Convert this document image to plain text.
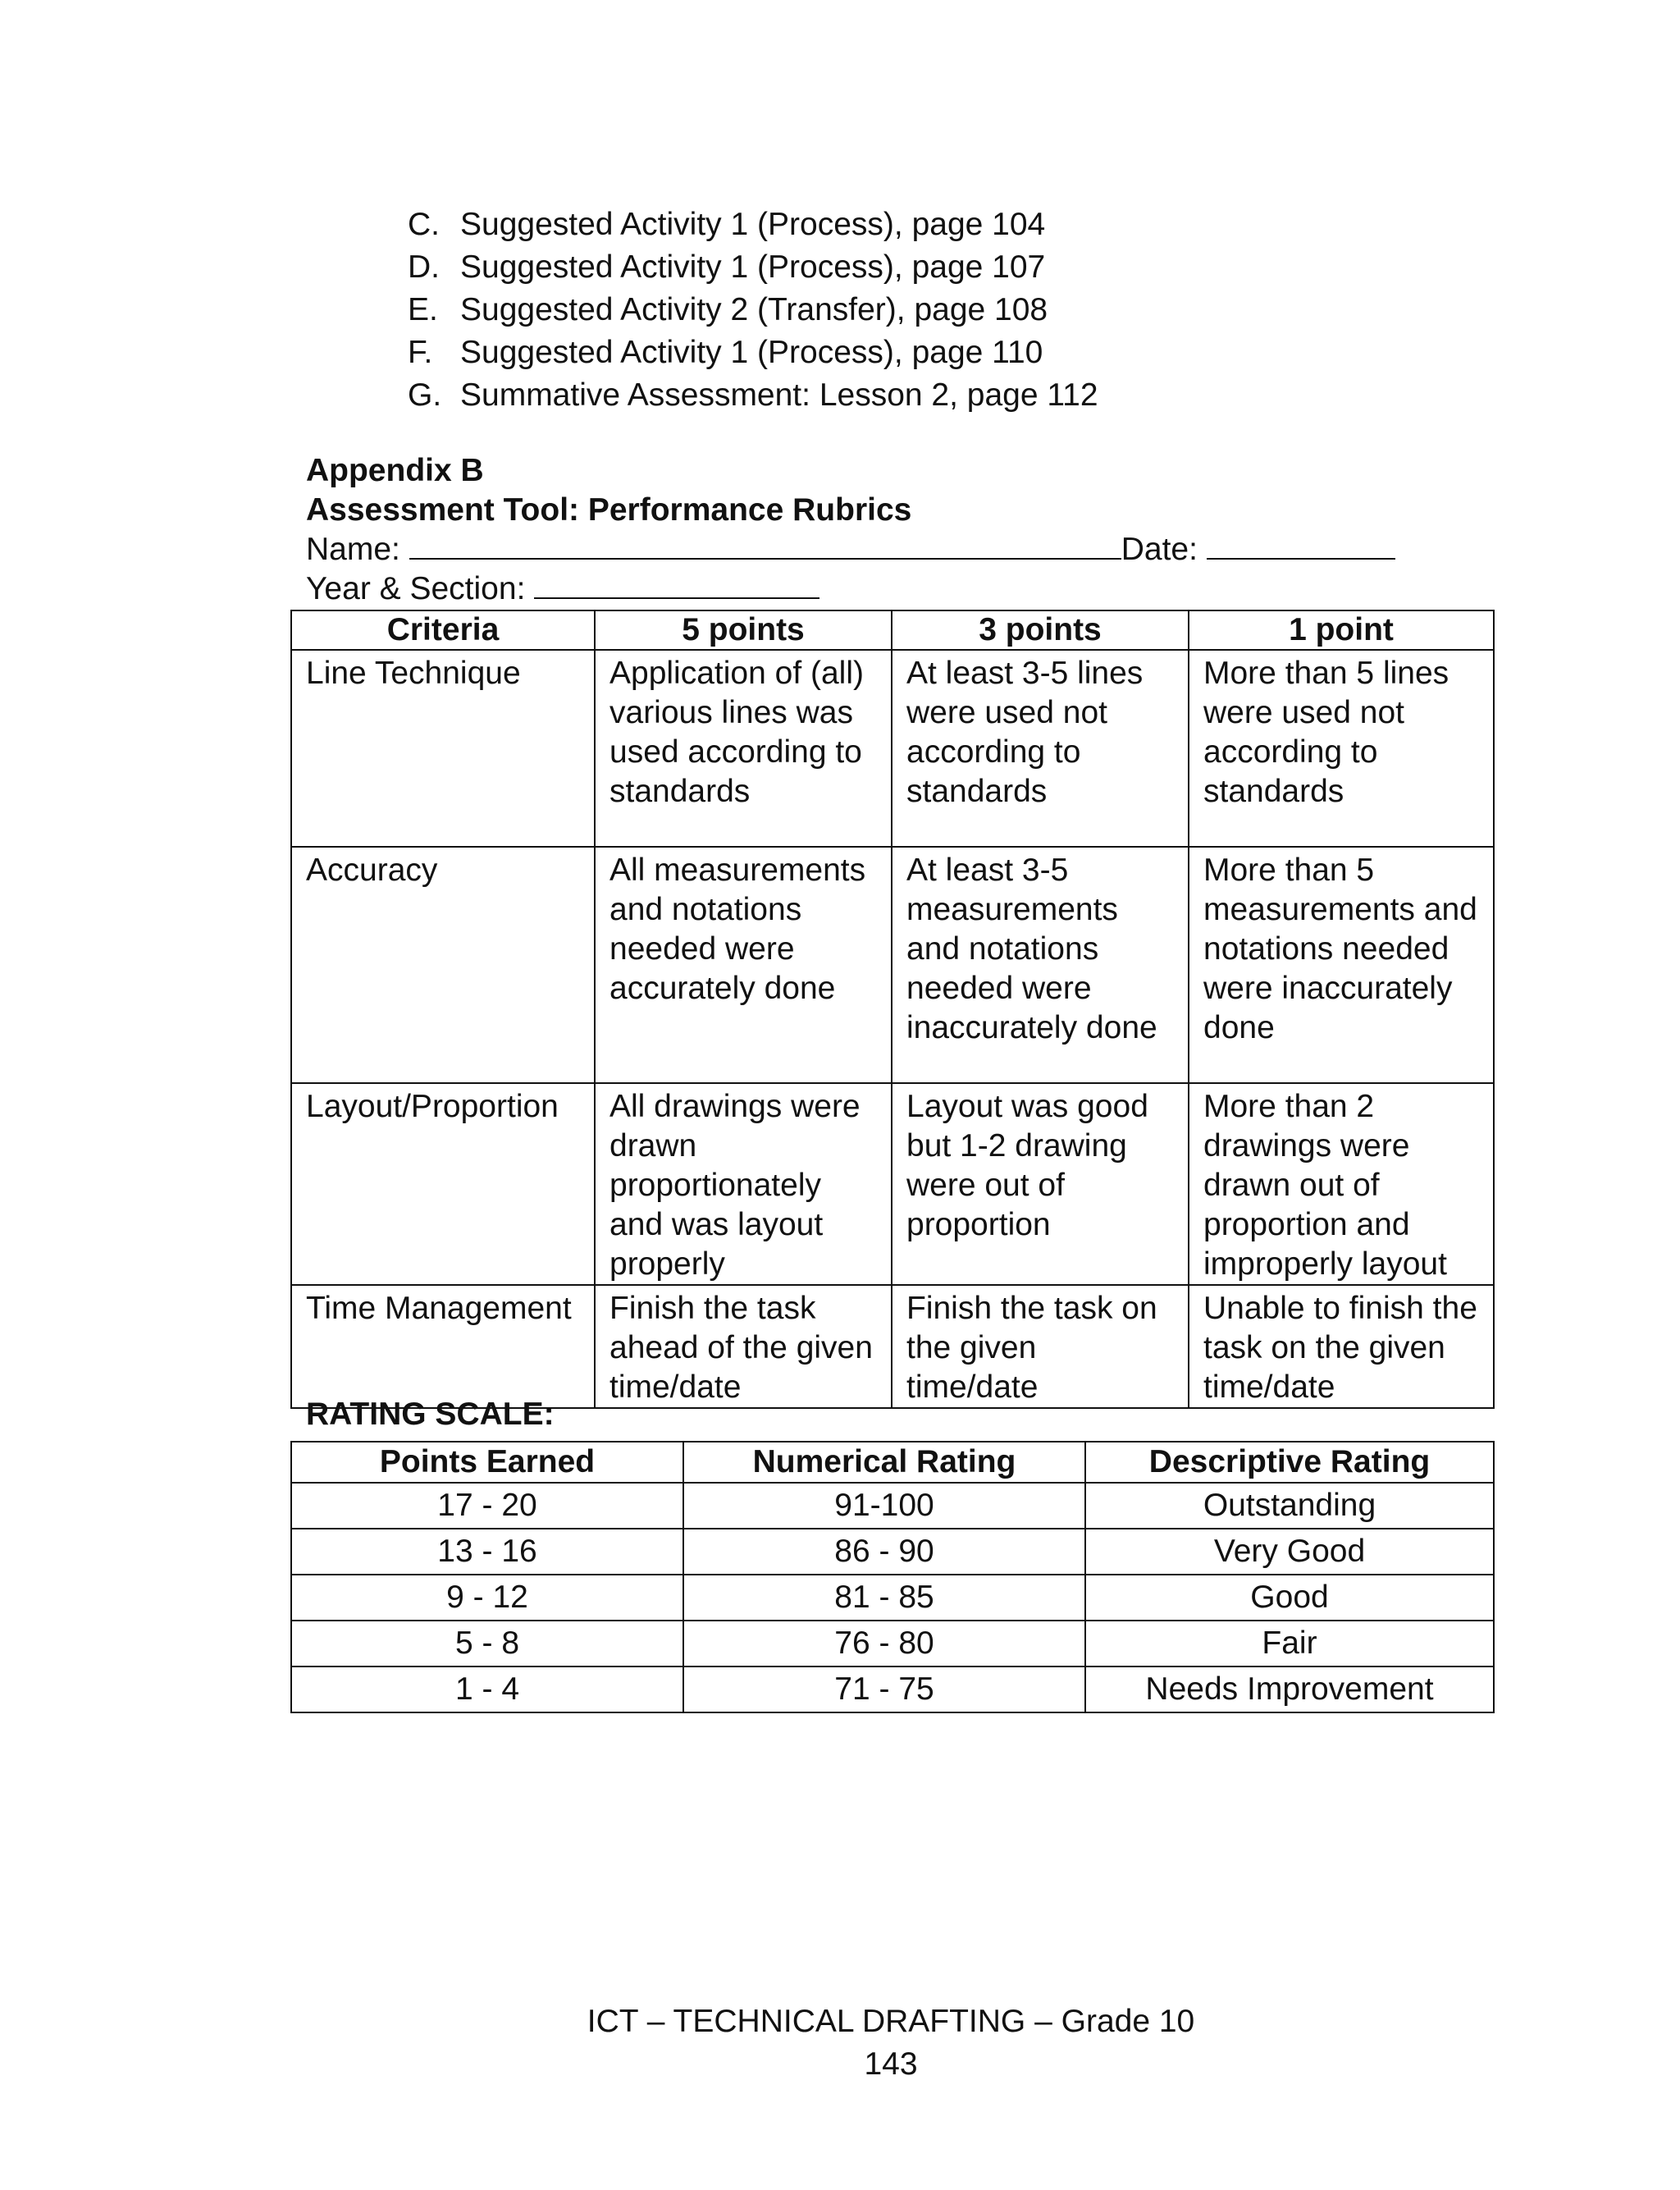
C. Suggested Activity 1 (Process), page 104
D. Suggested Activity 1 (Process), page 107
E. Suggested Activity 2 (Transfer), page 108
F. Suggested Activity 1 (Process), page 110
G. Summative Assessment: Lesson 2, page 112
Appendix B
Assessment Tool: Performance Rubrics
Name:	Date:
Year & Section:
Criteria	5 points	3 points	1 point
Line Technique	Application of (all) various lines was used according to standards	At least 3-5 lines were used not according to standards	More than 5 lines were used not according to standards
Accuracy	All measurements and notations needed were accurately done	At least 3-5 measurements and notations needed were inaccurately done	More than 5 measurements and notations needed were inaccurately done
Layout/Proportion	All drawings were drawn proportionately and was layout properly	Layout was good but 1-2 drawing were out of proportion	More than 2 drawings were drawn out of proportion and improperly layout
Time Management	Finish the task ahead of the given time/date	Finish the task on the given time/date	Unable to finish the task on the given time/date
RATING SCALE:
Points Earned	Numerical Rating	Descriptive Rating
17 - 20	91-100	Outstanding
13 - 16	86 - 90	Very Good
9 - 12	81 - 85	Good
5 - 8	76 - 80	Fair
1 - 4	71 - 75	Needs Improvement
ICT – TECHNICAL DRAFTING – Grade 10
143
